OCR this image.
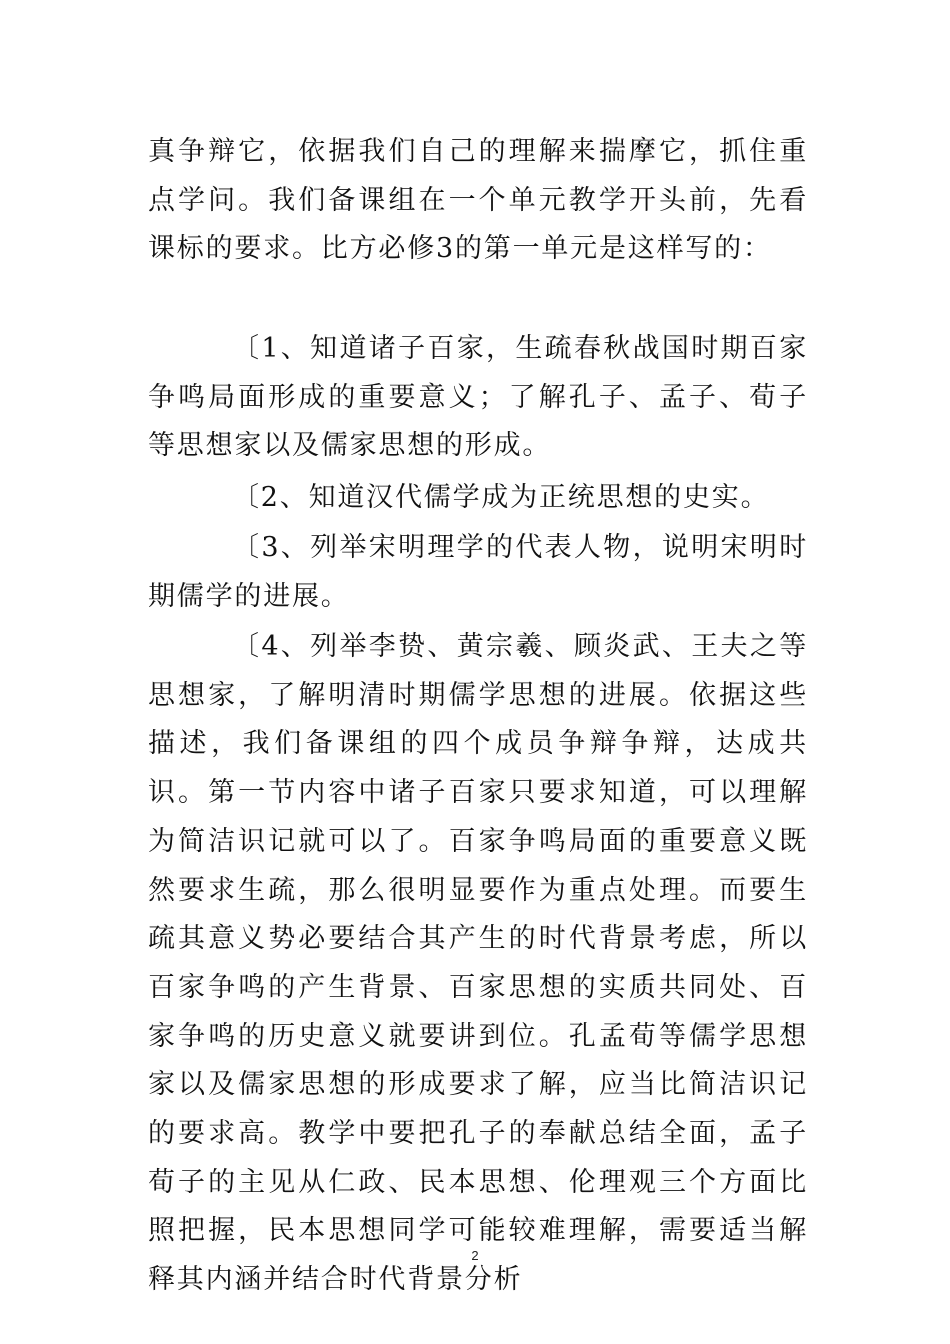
真争辩它，依据我们自己的理解来揣摩它，抓住重点学问。我们备课组在一个单元教学开头前，先看课标的要求。比方必修3的第一单元是这样写的：

〔1、知道诸子百家，生疏春秋战国时期百家争鸣局面形成的重要意义；了解孔子、孟子、荀子等思想家以及儒家思想的形成。

〔2、知道汉代儒学成为正统思想的史实。

〔3、列举宋明理学的代表人物，说明宋明时期儒学的进展。

〔4、列举李贽、黄宗羲、顾炎武、王夫之等思想家，了解明清时期儒学思想的进展。依据这些描述，我们备课组的四个成员争辩争辩，达成共识。第一节内容中诸子百家只要求知道，可以理解为简洁识记就可以了。百家争鸣局面的重要意义既然要求生疏，那么很明显要作为重点处理。而要生疏其意义势必要结合其产生的时代背景考虑，所以百家争鸣的产生背景、百家思想的实质共同处、百家争鸣的历史意义就要讲到位。孔孟荀等儒学思想家以及儒家思想的形成要求了解，应当比简洁识记的要求高。教学中要把孔子的奉献总结全面，孟子荀子的主见从仁政、民本思想、伦理观三个方面比照把握，民本思想同学可能较难理解，需要适当解释其内涵并结合时代背景分析

2
